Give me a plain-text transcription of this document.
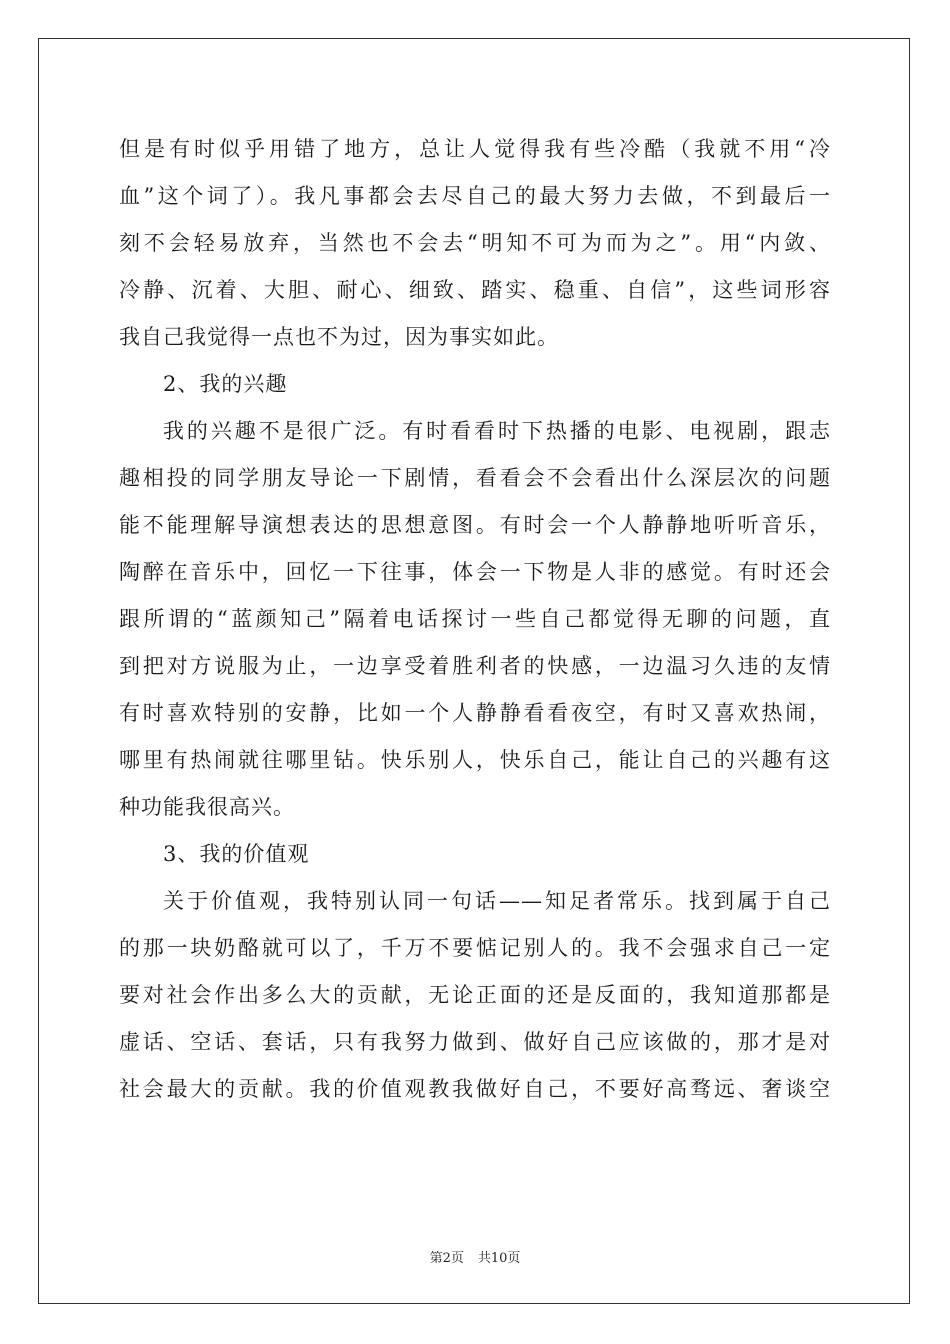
但是有时似乎用错了地方，总让人觉得我有些冷酷（我就不用“冷
血”这个词了）。我凡事都会去尽自己的最大努力去做，不到最后一
刻不会轻易放弃，当然也不会去“明知不可为而为之”。用“内敛、
冷静、沉着、大胆、耐心、细致、踏实、稳重、自信”，这些词形容
我自己我觉得一点也不为过，因为事实如此。
2、我的兴趣
我的兴趣不是很广泛。有时看看时下热播的电影、电视剧，跟志
趣相投的同学朋友导论一下剧情，看看会不会看出什么深层次的问题
能不能理解导演想表达的思想意图。有时会一个人静静地听听音乐，
陶醉在音乐中，回忆一下往事，体会一下物是人非的感觉。有时还会
跟所谓的“蓝颜知己”隔着电话探讨一些自己都觉得无聊的问题，直
到把对方说服为止，一边享受着胜利者的快感，一边温习久违的友情
有时喜欢特别的安静，比如一个人静静看看夜空，有时又喜欢热闹，
哪里有热闹就往哪里钻。快乐别人，快乐自己，能让自己的兴趣有这
种功能我很高兴。
3、我的价值观
关于价值观，我特别认同一句话——知足者常乐。找到属于自己
的那一块奶酪就可以了，千万不要惦记别人的。我不会强求自己一定
要对社会作出多么大的贡献，无论正面的还是反面的，我知道那都是
虚话、空话、套话，只有我努力做到、做好自己应该做的，那才是对
社会最大的贡献。我的价值观教我做好自己，不要好高骛远、奢谈空
第2页 共10页
